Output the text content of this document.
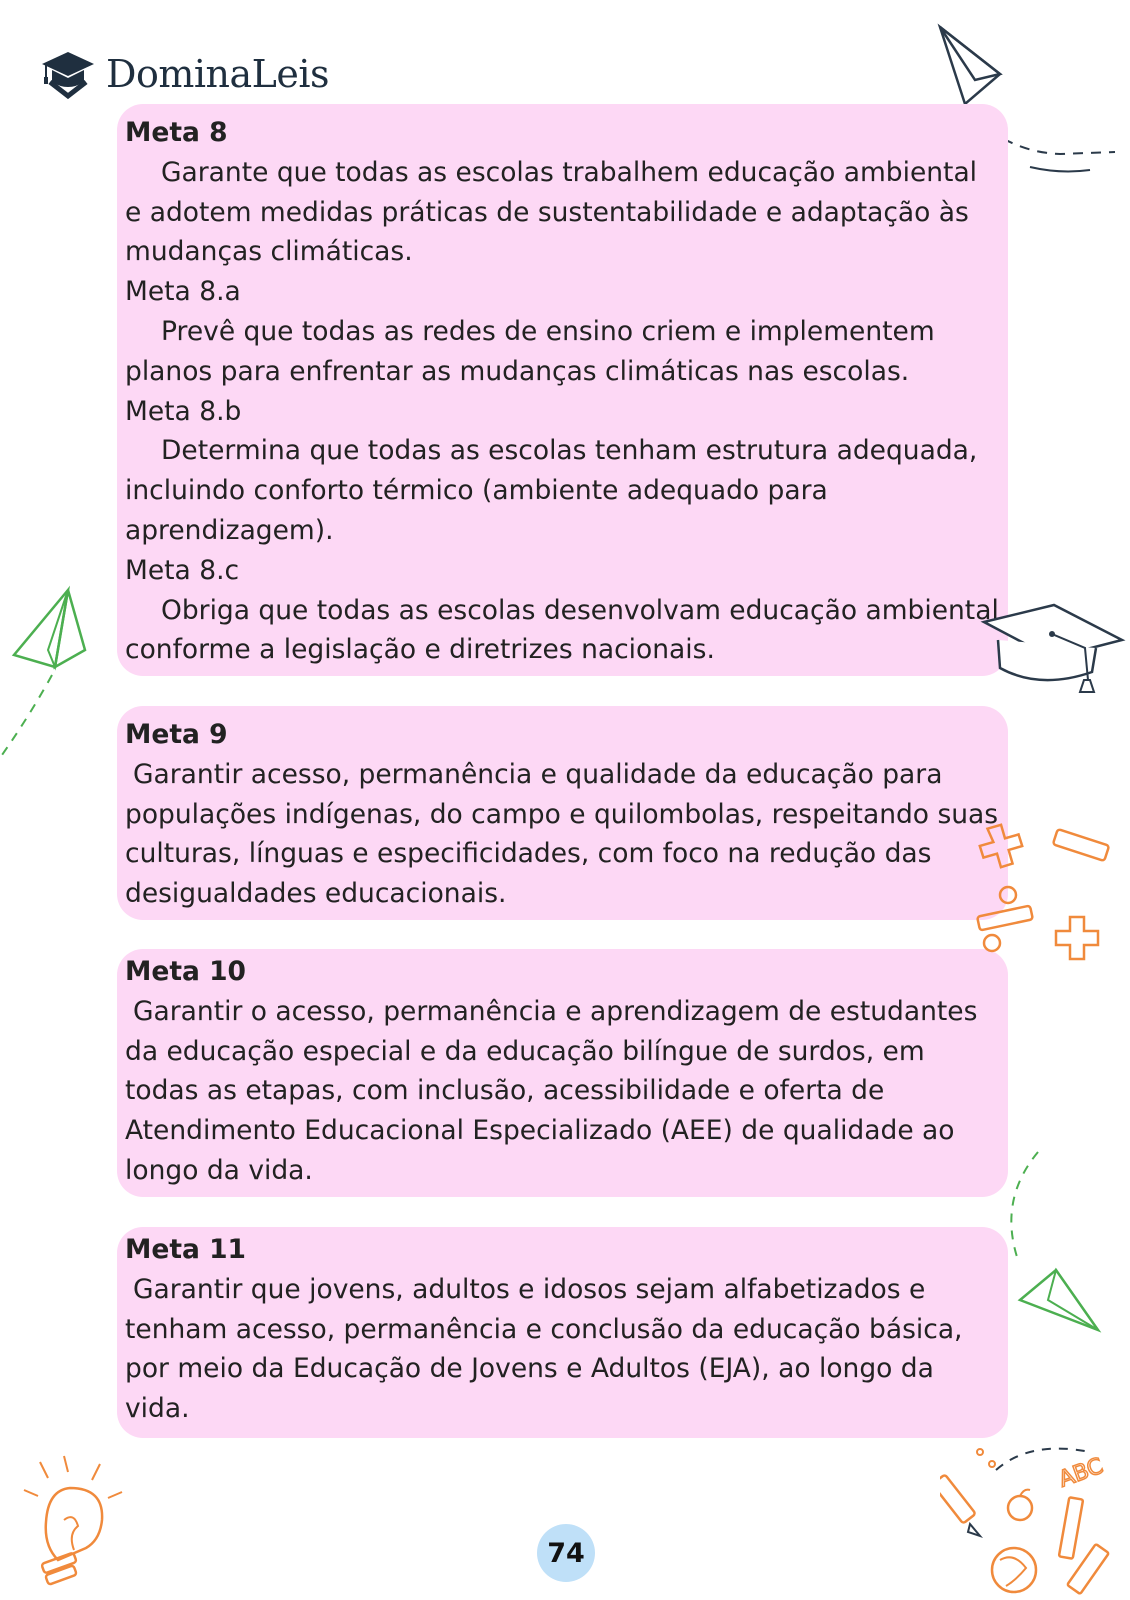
DominaLeis

Meta 8

Garante que todas as escolas trabalhem educação ambiental e adotem medidas práticas de sustentabilidade e adaptação às mudanças climáticas.

Meta 8.a

Prevê que todas as redes de ensino criem e implementem planos para enfrentar as mudanças climáticas nas escolas.

Meta 8.b

Determina que todas as escolas tenham estrutura adequada, incluindo conforto térmico (ambiente adequado para aprendizagem).

Meta 8.c

Obriga que todas as escolas desenvolvam educação ambiental conforme a legislação e diretrizes nacionais.

Meta 9

Garantir acesso, permanência e qualidade da educação para populações indígenas, do campo e quilombolas, respeitando suas culturas, línguas e especificidades, com foco na redução das desigualdades educacionais.

Meta 10

Garantir o acesso, permanência e aprendizagem de estudantes da educação especial e da educação bilíngue de surdos, em todas as etapas, com inclusão, acessibilidade e oferta de Atendimento Educacional Especializado (AEE) de qualidade ao longo da vida.

Meta 11

Garantir que jovens, adultos e idosos sejam alfabetizados e tenham acesso, permanência e conclusão da educação básica, por meio da Educação de Jovens e Adultos (EJA), ao longo da vida.

ABC
74
